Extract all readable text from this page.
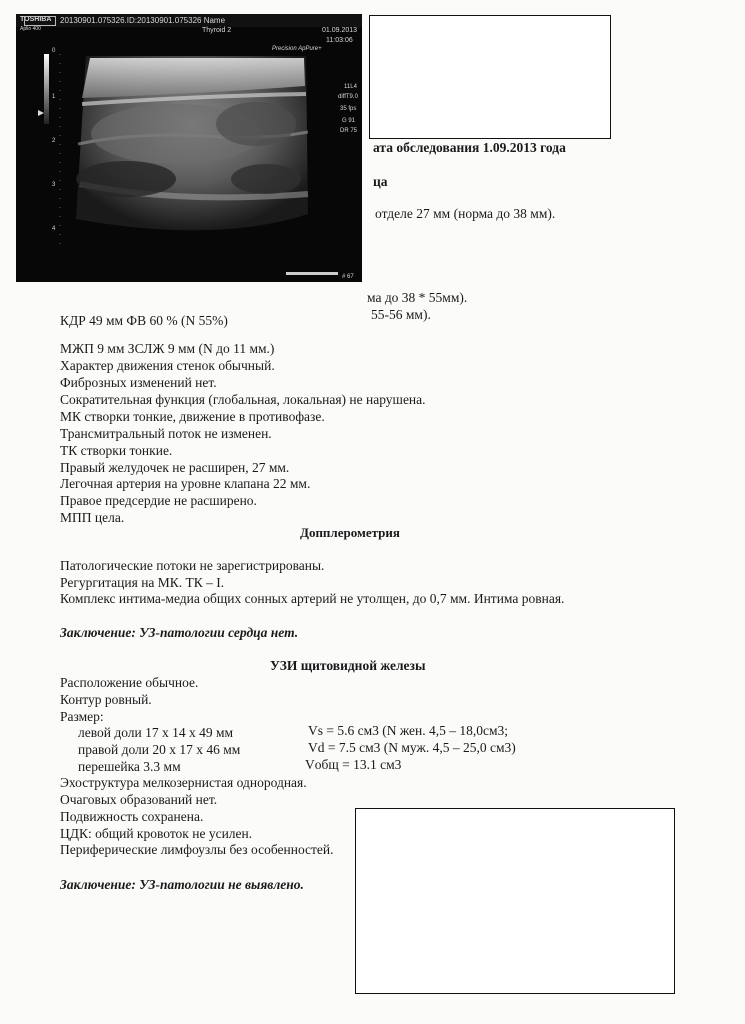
TOSHIBA
Aplio 400
20130901.075326.ID:20130901.075326 Name
Thyroid 2	01.09.2013
11:03:06
Precision ApPure+
11L4
diffT9.0
35 fps
G 91
DR 75
# 67
0
1
2
3
4
ата обследования 1.09.2013 года
ца
отделе 27 мм (норма до 38 мм).
ма до 38 * 55мм).
55-56 мм).
КДР 49 мм ФВ 60 % (N 55%)
МЖП 9 мм ЗСЛЖ 9 мм (N до 11 мм.)
Характер движения стенок обычный.
Фиброзных изменений нет.
Сократительная функция (глобальная, локальная) не нарушена.
МК створки тонкие, движение в противофазе.
Трансмитральный поток не изменен.
ТК створки тонкие.
Правый желудочек не расширен, 27 мм.
Легочная артерия на уровне клапана 22 мм.
Правое предсердие не расширено.
МПП цела.
Допплерометрия
Патологические потоки не зарегистрированы.
Регургитация на МК. ТК – I.
Комплекс интима-медиа общих сонных артерий не утолщен, до 0,7 мм. Интима ровная.
Заключение: УЗ-патологии сердца нет.
УЗИ щитовидной железы
Расположение обычное.
Контур ровный.
Размер:
левой доли 17 x 14 x 49 мм	Vs = 5.6 см3 (N жен. 4,5 – 18,0см3;
правой доли 20 x 17 x 46 мм	Vd = 7.5 см3 (N муж. 4,5 – 25,0 см3)
перешейка 3.3 мм	Vобщ = 13.1 см3
Эхоструктура мелкозернистая однородная.
Очаговых образований нет.
Подвижность сохранена.
ЦДК: общий кровоток не усилен.
Периферические лимфоузлы без особенностей.
Заключение: УЗ-патологии не выявлено.
